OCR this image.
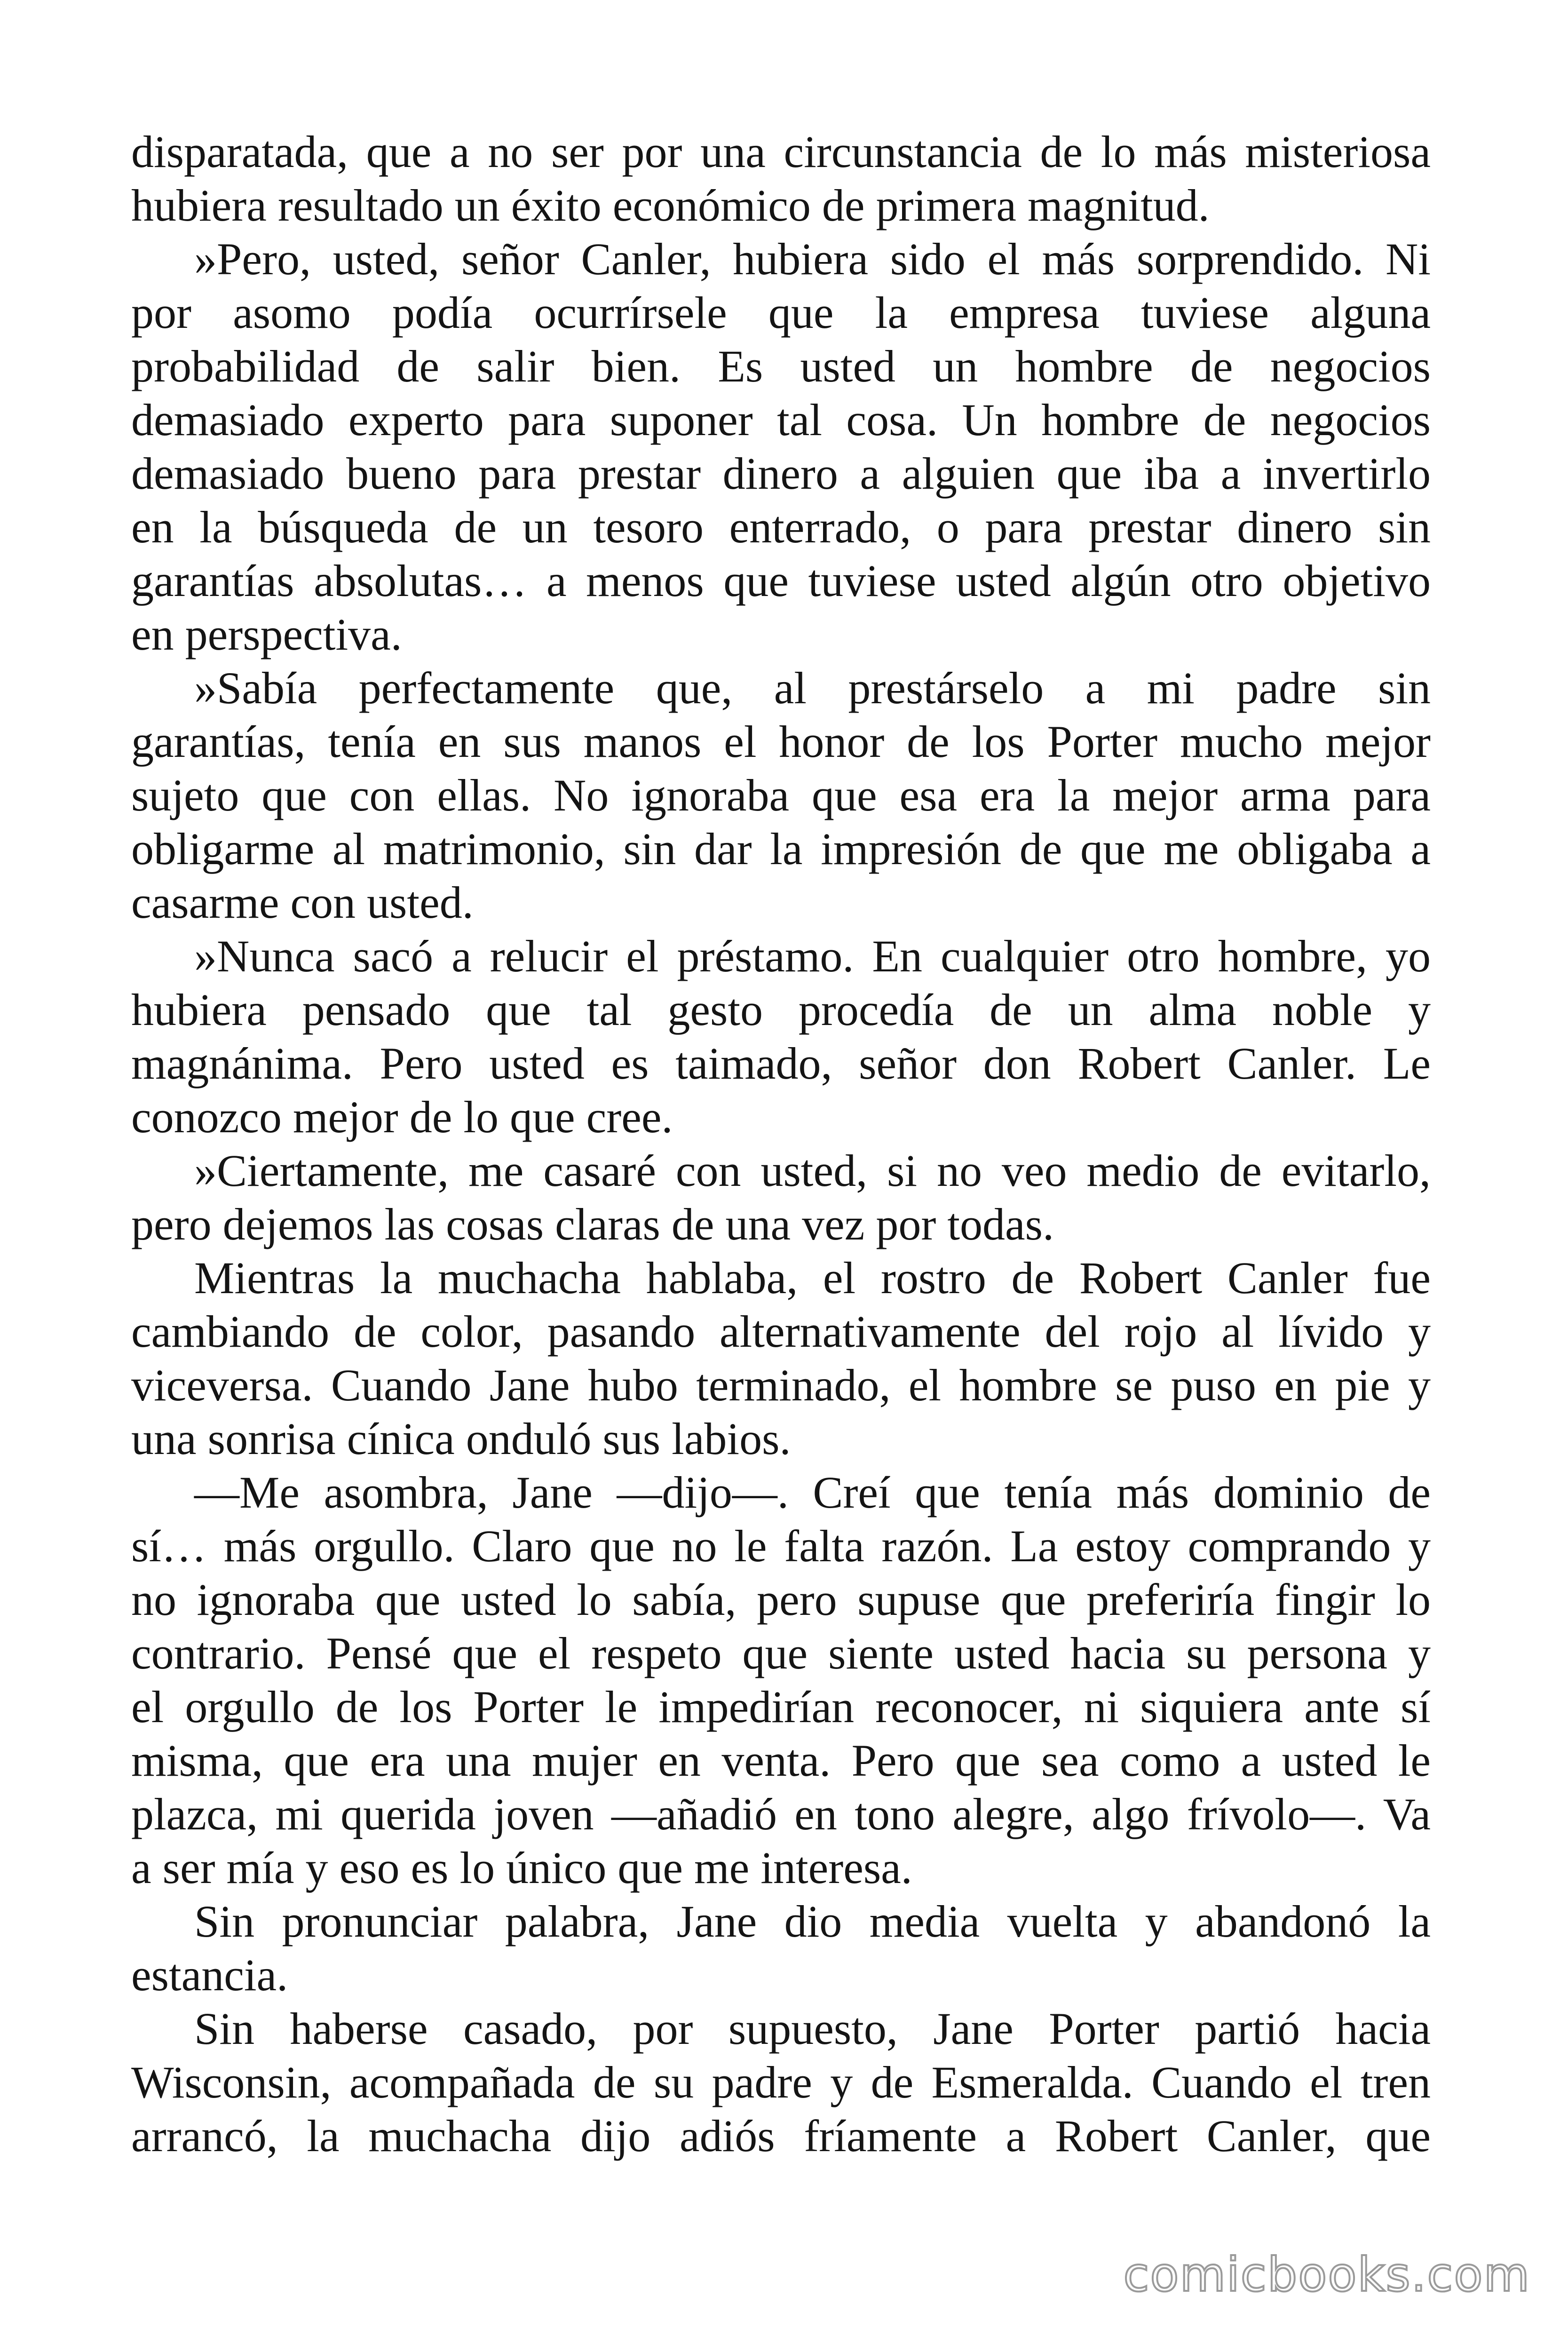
disparatada, que a no ser por una circunstancia de lo más misteriosa
hubiera resultado un éxito económico de primera magnitud.
»Pero, usted, señor Canler, hubiera sido el más sorprendido. Ni
por asomo podía ocurrírsele que la empresa tuviese alguna
probabilidad de salir bien. Es usted un hombre de negocios
demasiado experto para suponer tal cosa. Un hombre de negocios
demasiado bueno para prestar dinero a alguien que iba a invertirlo
en la búsqueda de un tesoro enterrado, o para prestar dinero sin
garantías absolutas… a menos que tuviese usted algún otro objetivo
en perspectiva.
»Sabía perfectamente que, al prestárselo a mi padre sin
garantías, tenía en sus manos el honor de los Porter mucho mejor
sujeto que con ellas. No ignoraba que esa era la mejor arma para
obligarme al matrimonio, sin dar la impresión de que me obligaba a
casarme con usted.
»Nunca sacó a relucir el préstamo. En cualquier otro hombre, yo
hubiera pensado que tal gesto procedía de un alma noble y
magnánima. Pero usted es taimado, señor don Robert Canler. Le
conozco mejor de lo que cree.
»Ciertamente, me casaré con usted, si no veo medio de evitarlo,
pero dejemos las cosas claras de una vez por todas.
Mientras la muchacha hablaba, el rostro de Robert Canler fue
cambiando de color, pasando alternativamente del rojo al lívido y
viceversa. Cuando Jane hubo terminado, el hombre se puso en pie y
una sonrisa cínica onduló sus labios.
—Me asombra, Jane —dijo—. Creí que tenía más dominio de
sí… más orgullo. Claro que no le falta razón. La estoy comprando y
no ignoraba que usted lo sabía, pero supuse que preferiría fingir lo
contrario. Pensé que el respeto que siente usted hacia su persona y
el orgullo de los Porter le impedirían reconocer, ni siquiera ante sí
misma, que era una mujer en venta. Pero que sea como a usted le
plazca, mi querida joven —añadió en tono alegre, algo frívolo—. Va
a ser mía y eso es lo único que me interesa.
Sin pronunciar palabra, Jane dio media vuelta y abandonó la
estancia.
Sin haberse casado, por supuesto, Jane Porter partió hacia
Wisconsin, acompañada de su padre y de Esmeralda. Cuando el tren
arrancó, la muchacha dijo adiós fríamente a Robert Canler, que
comicbooks.com
